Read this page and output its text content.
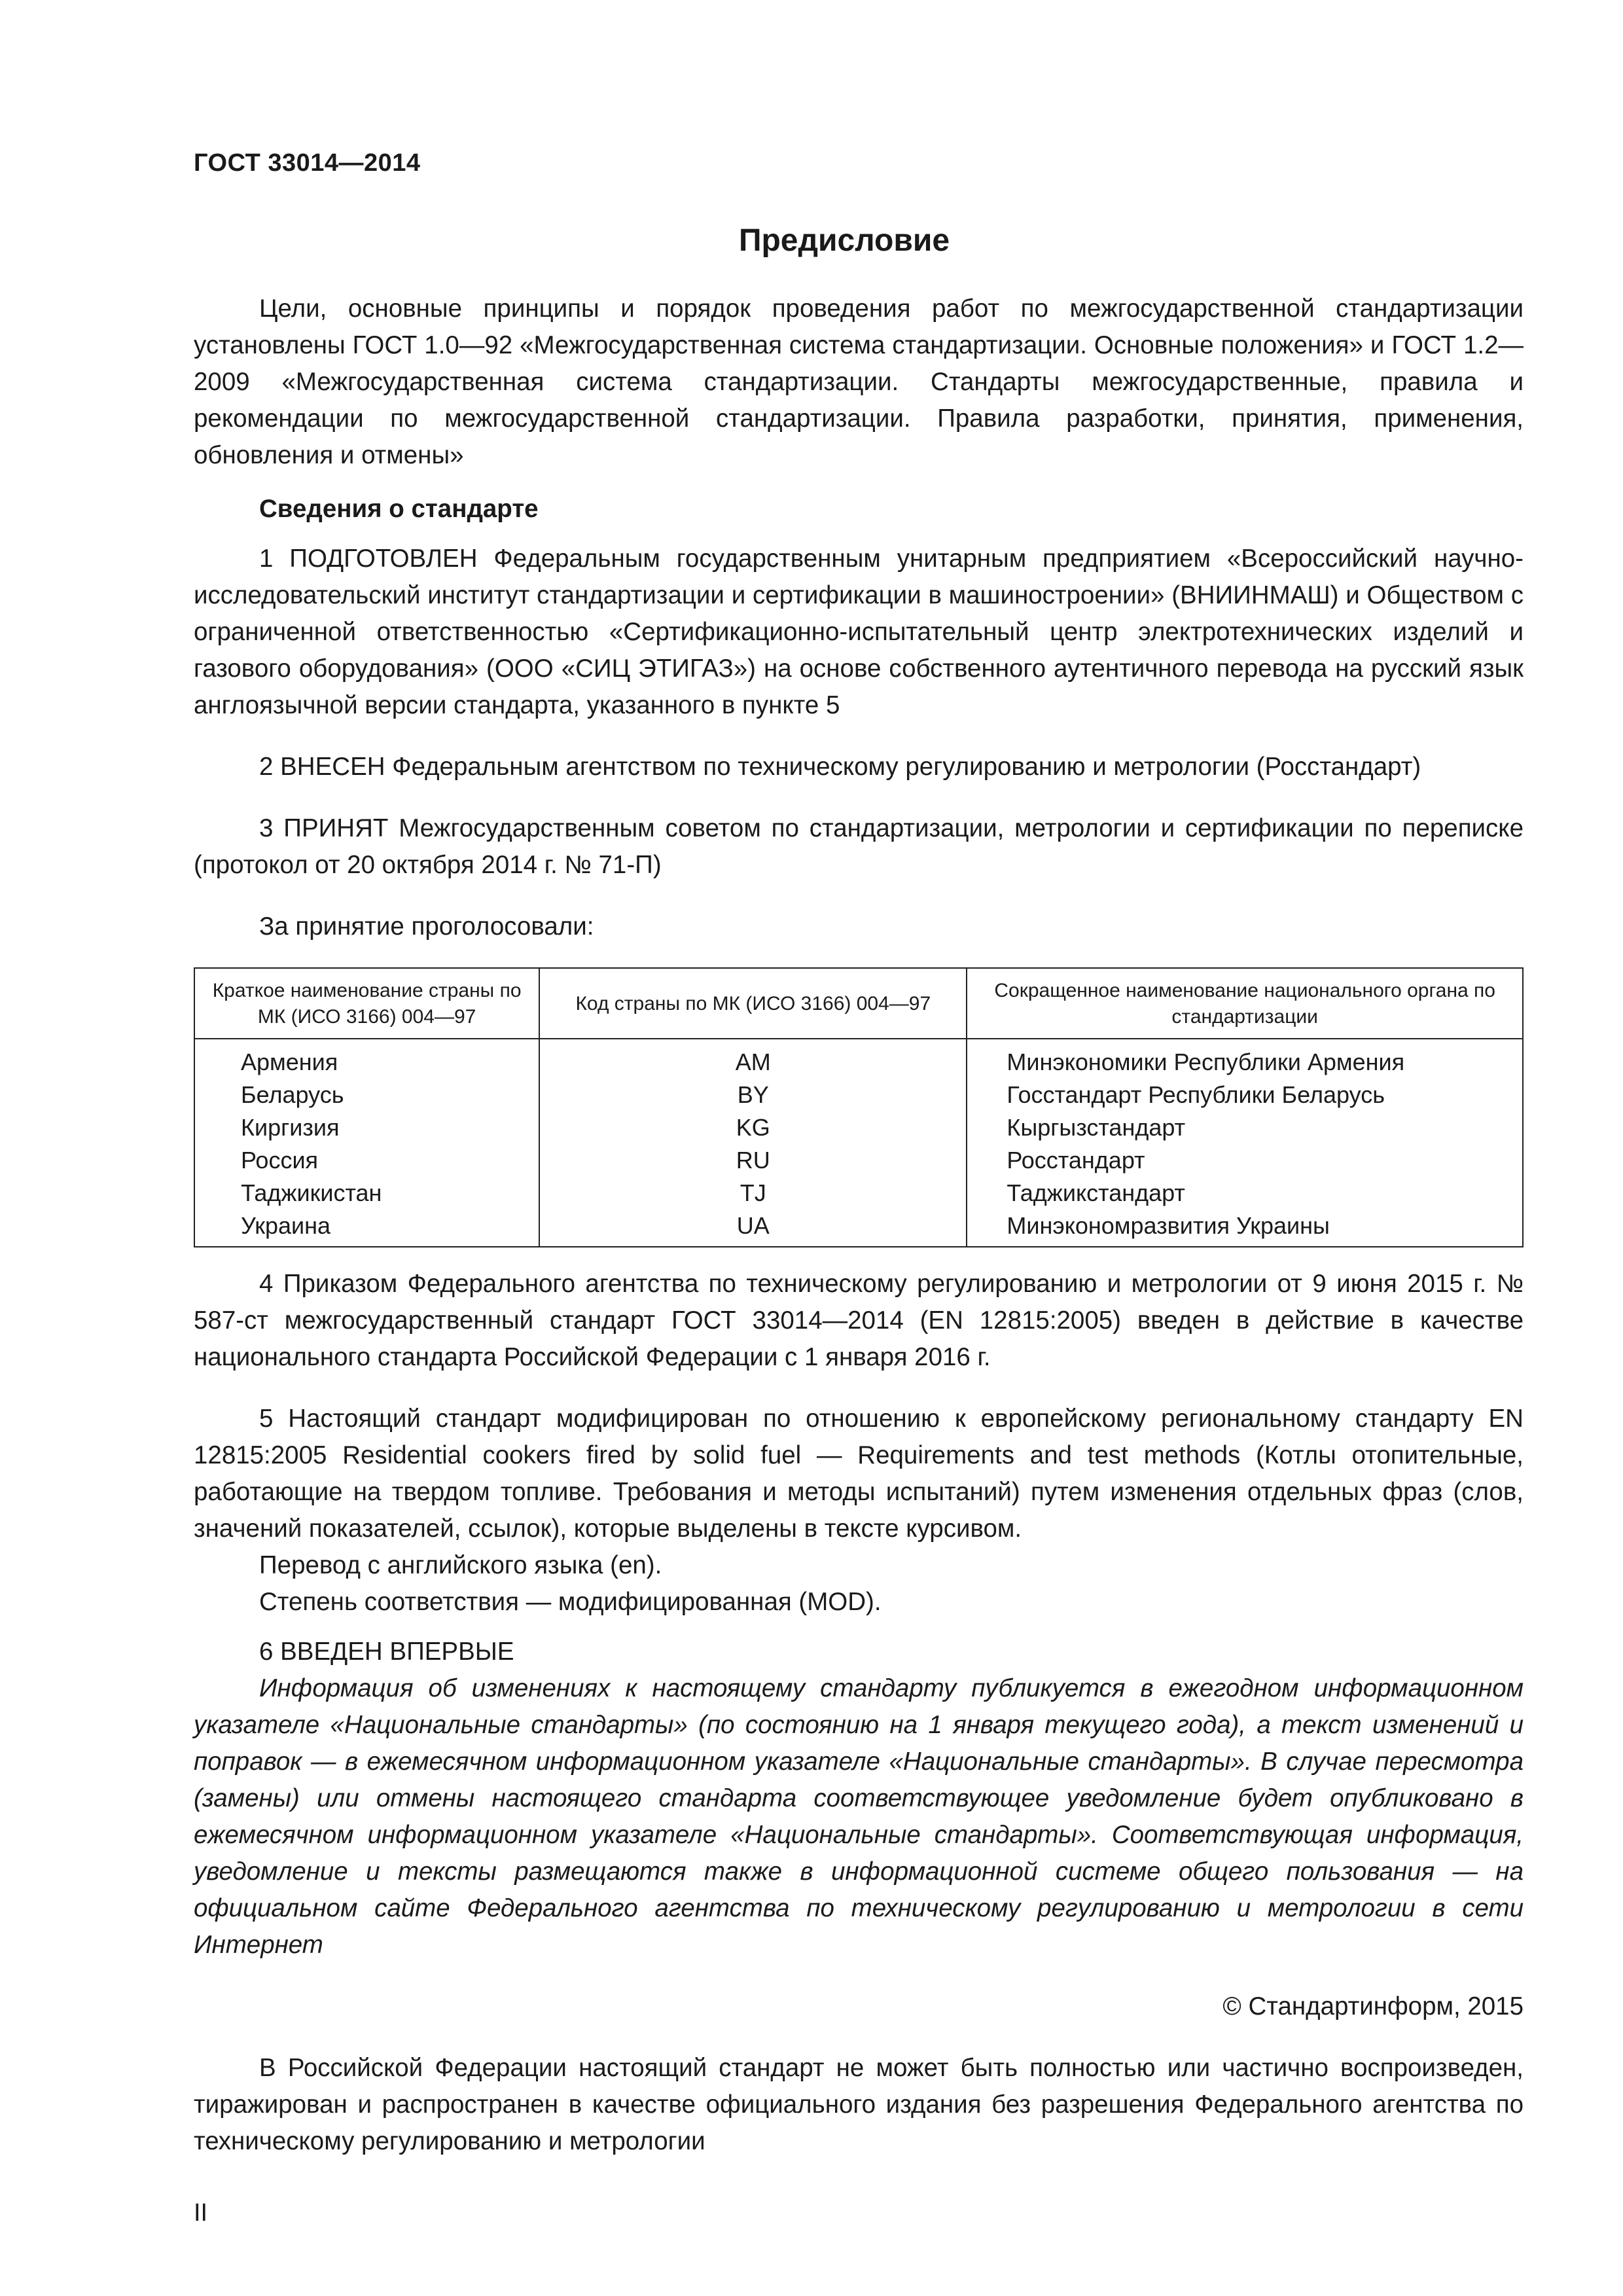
ГОСТ 33014—2014
Предисловие

Цели, основные принципы и порядок проведения работ по межгосударственной стандартизации установлены ГОСТ 1.0—92 «Межгосударственная система стандартизации. Основные положения» и ГОСТ 1.2—2009 «Межгосударственная система стандартизации. Стандарты межгосударственные, правила и рекомендации по межгосударственной стандартизации. Правила разработки, принятия, применения, обновления и отмены»

Сведения о стандарте

1 ПОДГОТОВЛЕН Федеральным государственным унитарным предприятием «Всероссийский научно-исследовательский институт стандартизации и сертификации в машиностроении» (ВНИИНМАШ) и Обществом с ограниченной ответственностью «Сертификационно-испытательный центр электротехнических изделий и газового оборудования» (ООО «СИЦ ЭТИГАЗ») на основе собственного аутентичного перевода на русский язык англоязычной версии стандарта, указанного в пункте 5

2 ВНЕСЕН Федеральным агентством по техническому регулированию и метрологии (Росстандарт)

3 ПРИНЯТ Межгосударственным советом по стандартизации, метрологии и сертификации по переписке (протокол от 20 октября 2014 г. № 71-П)

За принятие проголосовали:

Краткое наименование страны по МК (ИСО 3166) 004—97	Код страны по МК (ИСО 3166) 004—97	Сокращенное наименование национального органа по стандартизации
Армения	AM	Минэкономики Республики Армения
Беларусь	BY	Госстандарт Республики Беларусь
Киргизия	KG	Кыргызстандарт
Россия	RU	Росстандарт
Таджикистан	TJ	Таджикстандарт
Украина	UA	Минэкономразвития Украины

4 Приказом Федерального агентства по техническому регулированию и метрологии от 9 июня 2015 г. № 587-ст межгосударственный стандарт ГОСТ 33014—2014 (EN 12815:2005) введен в действие в качестве национального стандарта Российской Федерации с 1 января 2016 г.

5 Настоящий стандарт модифицирован по отношению к европейскому региональному стандарту EN 12815:2005 Residential cookers fired by solid fuel — Requirements and test methods (Котлы отопительные, работающие на твердом топливе. Требования и методы испытаний) путем изменения отдельных фраз (слов, значений показателей, ссылок), которые выделены в тексте курсивом.

Перевод с английского языка (en).

Степень соответствия — модифицированная (MOD).

6 ВВЕДЕН ВПЕРВЫЕ

Информация об изменениях к настоящему стандарту публикуется в ежегодном информационном указателе «Национальные стандарты» (по состоянию на 1 января текущего года), а текст изменений и поправок — в ежемесячном информационном указателе «Национальные стандарты». В случае пересмотра (замены) или отмены настоящего стандарта соответствующее уведомление будет опубликовано в ежемесячном информационном указателе «Национальные стандарты». Соответствующая информация, уведомление и тексты размещаются также в информационной системе общего пользования — на официальном сайте Федерального агентства по техническому регулированию и метрологии в сети Интернет

© Стандартинформ, 2015

В Российской Федерации настоящий стандарт не может быть полностью или частично воспроизведен, тиражирован и распространен в качестве официального издания без разрешения Федерального агентства по техническому регулированию и метрологии

II
